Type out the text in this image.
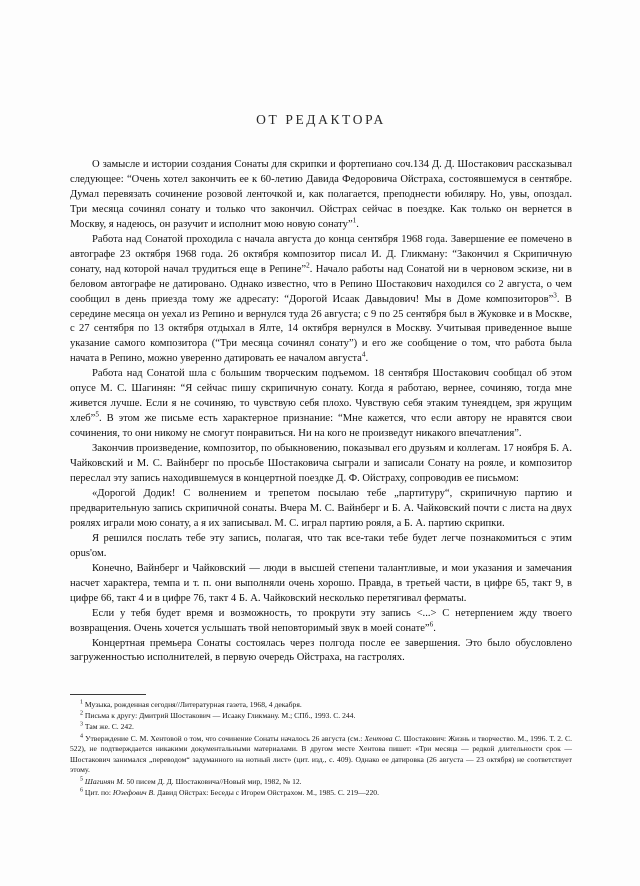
ОТ РЕДАКТОРА

О замысле и истории создания Сонаты для скрипки и фортепиано соч.134 Д. Д. Шостакович рассказывал следующее: “Очень хотел закончить ее к 60-летию Давида Федоровича Ойстраха, состоявшемуся в сентябре. Думал перевязать сочинение розовой ленточкой и, как полагается, преподнести юбиляру. Но, увы, опоздал. Три месяца сочинял сонату и только что закончил. Ойстрах сейчас в поездке. Как только он вернется в Москву, я надеюсь, он разучит и исполнит мою новую сонату”$^1$.

Работа над Сонатой проходила с начала августа до конца сентября 1968 года. Завершение ее помечено в автографе 23 октября 1968 года. 26 октября композитор писал И. Д. Гликману: “Закончил я Скрипичную сонату, над которой начал трудиться еще в Репине”$^2$. Начало работы над Сонатой ни в черновом эскизе, ни в беловом автографе не датировано. Однако известно, что в Репино Шостакович находился со 2 августа, о чем сообщил в день приезда тому же адресату: “Дорогой Исаак Давыдович! Мы в Доме композиторов”$^3$. В середине месяца он уехал из Репино и вернулся туда 26 августа; с 9 по 25 сентября был в Жуковке и в Москве, с 27 сентября по 13 октября отдыхал в Ялте, 14 октября вернулся в Москву. Учитывая приведенное выше указание самого композитора (“Три месяца сочинял сонату”) и его же сообщение о том, что работа была начата в Репино, можно уверенно датировать ее началом августа$^4$.

Работа над Сонатой шла с большим творческим подъемом. 18 сентября Шостакович сообщал об этом опусе М. С. Шагинян: “Я сейчас пишу скрипичную сонату. Когда я работаю, вернее, сочиняю, тогда мне живется лучше. Если я не сочиняю, то чувствую себя плохо. Чувствую себя этаким тунеядцем, зря жрущим хлеб”$^5$. В этом же письме есть характерное признание: “Мне кажется, что если автору не нравятся свои сочинения, то они никому не смогут понравиться. Ни на кого не произведут никакого впечатления”.

Закончив произведение, композитор, по обыкновению, показывал его друзьям и коллегам. 17 ноября Б. А. Чайковский и М. С. Вайнберг по просьбе Шостаковича сыграли и записали Сонату на рояле, и композитор переслал эту запись находившемуся в концертной поездке Д. Ф. Ойстраху, сопроводив ее письмом:

«Дорогой Додик! С волнением и трепетом посылаю тебе „партитуру“, скрипичную партию и предварительную запись скрипичной сонаты. Вчера М. С. Вайнберг и Б. А. Чайковский почти с листа на двух роялях играли мою сонату, а я их записывал. М. С. играл партию рояля, а Б. А. партию скрипки.

Я решился послать тебе эту запись, полагая, что так все-таки тебе будет легче познакомиться с этим opus'ом.

Конечно, Вайнберг и Чайковский — люди в высшей степени талантливые, и мои указания и замечания насчет характера, темпа и т. п. они выполняли очень хорошо. Правда, в третьей части, в цифре 65, такт 9, в цифре 66, такт 4 и в цифре 76, такт 4 Б. А. Чайковский несколько перетягивал ферматы.

Если у тебя будет время и возможность, то прокрути эту запись <...> С нетерпением жду твоего возвращения. Очень хочется услышать твой неповторимый звук в моей сонате”$^6$.

Концертная премьера Сонаты состоялась через полгода после ее завершения. Это было обусловлено загруженностью исполнителей, в первую очередь Ойстраха, на гастролях.

$^1$ Музыка, рожденная сегодня//Литературная газета, 1968, 4 декабря.

$^2$ Письма к другу: Дмитрий Шостакович — Исааку Гликману. М.; СПб., 1993. С. 244.

$^3$ Там же. С. 242.

$^4$ Утверждение С. М. Хентовой о том, что сочинение Сонаты началось 26 августа (см.: Хентова С. Шостакович: Жизнь и творчество. М., 1996. Т. 2. С. 522), не подтверждается никакими документальными материалами. В другом месте Хентова пишет: «Три месяца — редкой длительности срок — Шостакович занимался „переводом“ задуманного на нотный лист» (цит. изд., с. 409). Однако ее датировка (26 августа — 23 октября) не соответствует этому.

$^5$ Шагинян М. 50 писем Д. Д. Шостаковича//Новый мир, 1982, № 12.

$^6$ Цит. по: Юзефович В. Давид Ойстрах: Беседы с Игорем Ойстрахом. М., 1985. С. 219—220.
